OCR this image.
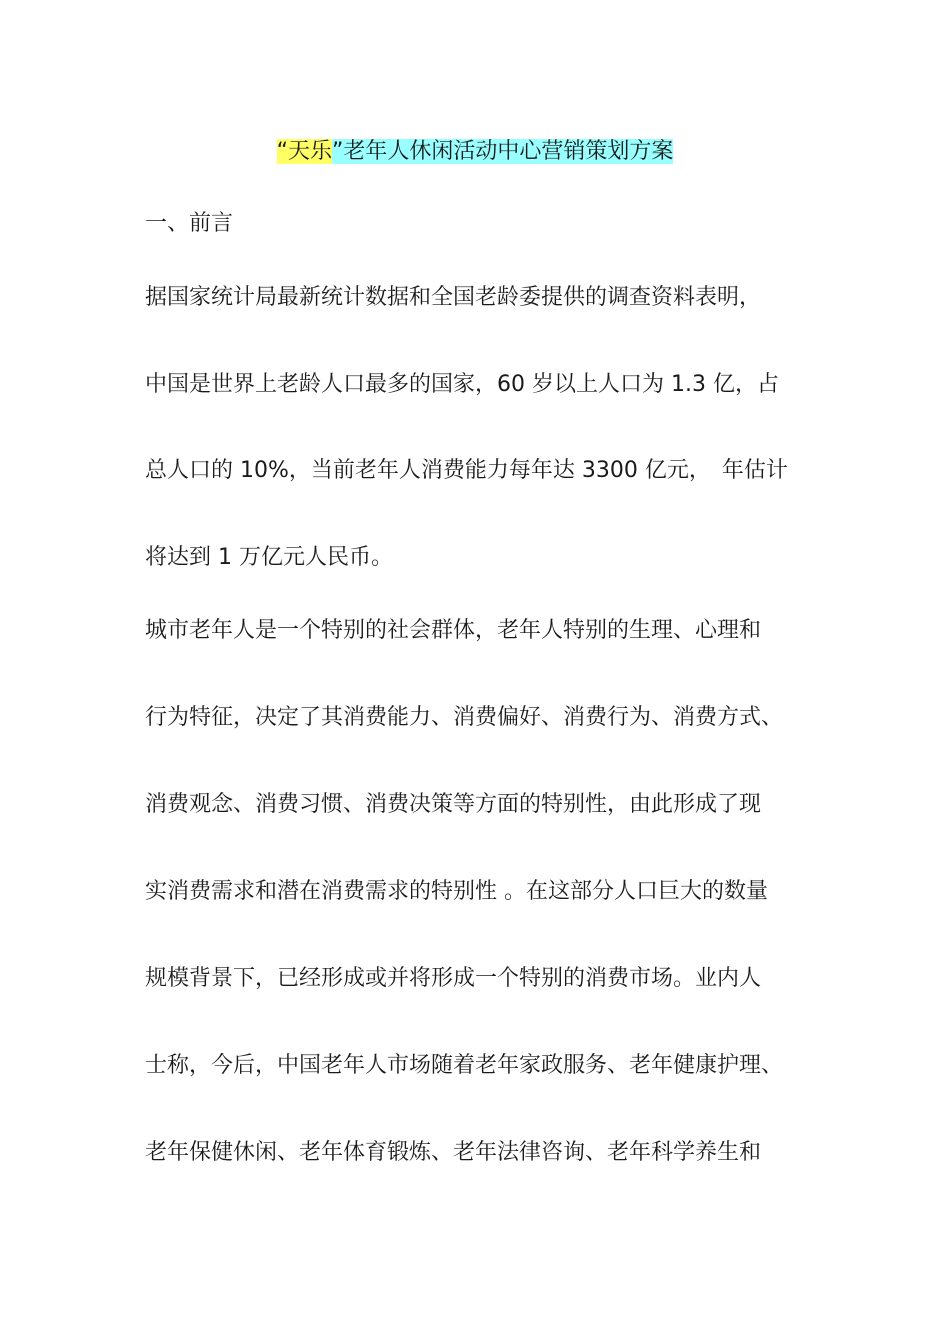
“天乐”老年人休闲活动中心营销策划方案
一、前言
据国家统计局最新统计数据和全国老龄委提供的调查资料表明，
中国是世界上老龄人口最多的国家，60 岁以上人口为 1.3 亿，占
总人口的 10%，当前老年人消费能力每年达 3300 亿元，　年估计
将达到 1 万亿元人民币。
城市老年人是一个特别的社会群体，老年人特别的生理、心理和
行为特征，决定了其消费能力、消费偏好、消费行为、消费方式、
消费观念、消费习惯、消费决策等方面的特别性，由此形成了现
实消费需求和潜在消费需求的特别性 。在这部分人口巨大的数量
规模背景下，已经形成或并将形成一个特别的消费市场。业内人
士称，今后，中国老年人市场随着老年家政服务、老年健康护理、
老年保健休闲、老年体育锻炼、老年法律咨询、老年科学养生和
